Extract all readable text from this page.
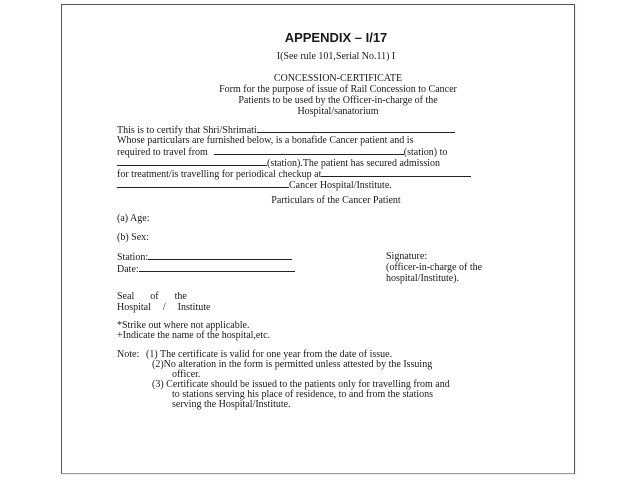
APPENDIX – I/17
I(See rule 101,Serial No.11) I
CONCESSION-CERTIFICATE
Form for the purpose of issue of Rail Concession to Cancer
Patients to be used by the Officer-in-charge of the
Hospital/sanatorium
This is to certify that Shri/Shrimati
Whose particulars are furnished below, is a bonafide Cancer patient and is
required to travel from	(station) to
(station).The patient has secured admission
for treatment/is travelling for periodical checkup at
Cancer Hospital/Institute.
Particulars of the Cancer Patient
(a) Age:
(b) Sex:
Station:
Date:
Signature:
(officer-in-charge of the
hospital/Institute).
Seal of the
Hospital / Institute
*Strike out where not applicable.
+Indicate the name of the hospital,etc.
Note: (1) The certificate is valid for one year from the date of issue.
(2)No alteration in the form is permitted unless attested by the Issuing
officer.
(3) Certificate should be issued to the patients only for travelling from and
to stations serving his place of residence, to and from the stations
serving the Hospital/Institute.
